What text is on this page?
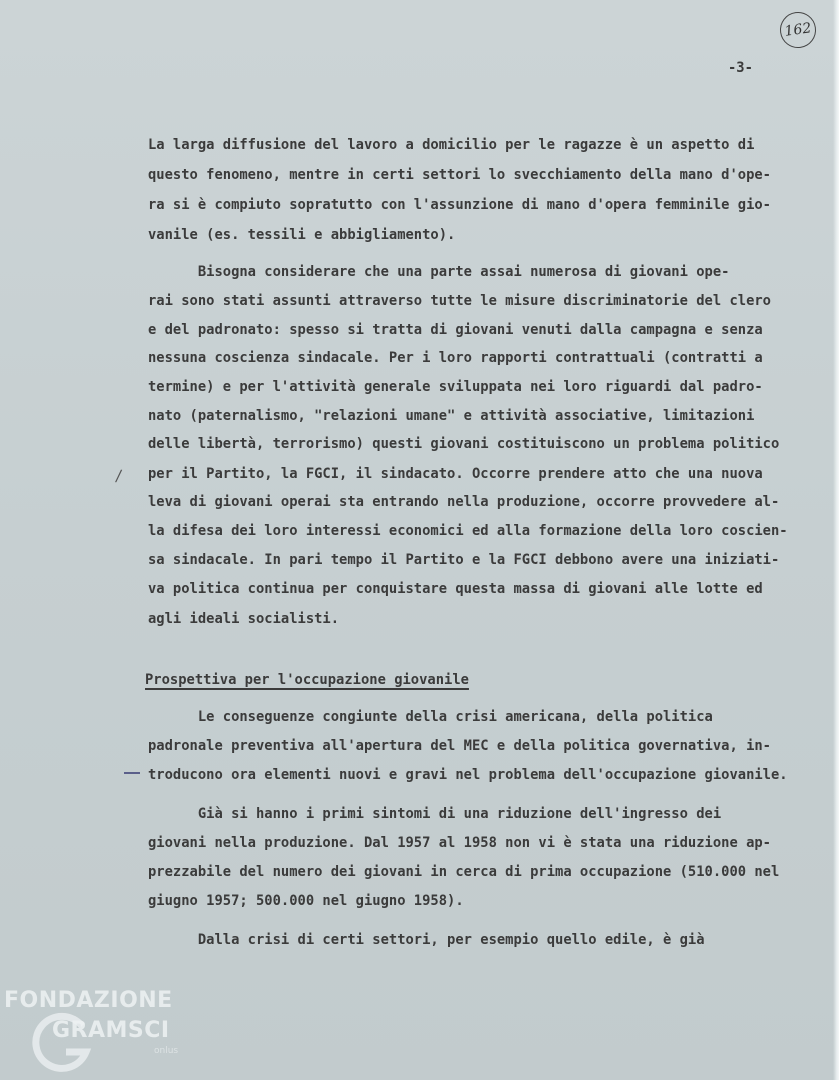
162
-3-
La larga diffusione del lavoro a domicilio per le ragazze è un aspetto di
questo fenomeno, mentre in certi settori lo svecchiamento della mano d'ope-
ra si è compiuto sopratutto con l'assunzione di mano d'opera femminile gio-
vanile (es. tessili e abbigliamento).
Bisogna considerare che una parte assai numerosa di giovani ope-
rai sono stati assunti attraverso tutte le misure discriminatorie del clero
e del padronato: spesso si tratta di giovani venuti dalla campagna e senza
nessuna coscienza sindacale. Per i loro rapporti contrattuali (contratti a
termine) e per l'attività generale sviluppata nei loro riguardi dal padro-
nato (paternalismo, "relazioni umane" e attività associative, limitazioni
delle libertà, terrorismo) questi giovani costituiscono un problema politico
per il Partito, la FGCI, il sindacato. Occorre prendere atto che una nuova
leva di giovani operai sta entrando nella produzione, occorre provvedere al-
la difesa dei loro interessi economici ed alla formazione della loro coscien-
sa sindacale. In pari tempo il Partito e la FGCI debbono avere una iniziati-
va politica continua per conquistare questa massa di giovani alle lotte ed
agli ideali socialisti.
Prospettiva per l'occupazione giovanile
Le conseguenze congiunte della crisi americana, della politica
padronale preventiva all'apertura del MEC e della politica governativa, in-
troducono ora elementi nuovi e gravi nel problema dell'occupazione giovanile.
Già si hanno i primi sintomi di una riduzione dell'ingresso dei
giovani nella produzione. Dal 1957 al 1958 non vi è stata una riduzione ap-
prezzabile del numero dei giovani in cerca di prima occupazione (510.000 nel
giugno 1957; 500.000 nel giugno 1958).
Dalla crisi di certi settori, per esempio quello edile, è già
/
FONDAZIONE
GRAMSCI
onlus
